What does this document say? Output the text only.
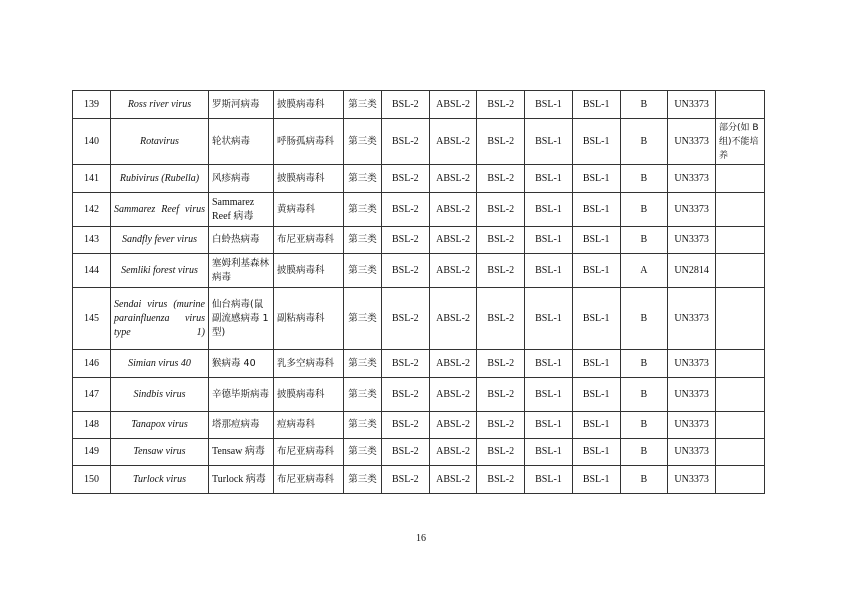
139	Ross river virus	罗斯河病毒	披膜病毒科	第三类	BSL-2	ABSL-2	BSL-2	BSL-1	BSL-1	B	UN3373	
140	Rotavirus	轮状病毒	呼肠孤病毒科	第三类	BSL-2	ABSL-2	BSL-2	BSL-1	BSL-1	B	UN3373	部分(如 B 组)不能培养
141	Rubivirus (Rubella)	风疹病毒	披膜病毒科	第三类	BSL-2	ABSL-2	BSL-2	BSL-1	BSL-1	B	UN3373	
142	Sammarez Reef virus	Sammarez Reef 病毒	黄病毒科	第三类	BSL-2	ABSL-2	BSL-2	BSL-1	BSL-1	B	UN3373	
143	Sandfly fever virus	白蛉热病毒	布尼亚病毒科	第三类	BSL-2	ABSL-2	BSL-2	BSL-1	BSL-1	B	UN3373	
144	Semliki forest virus	塞姆利基森林病毒	披膜病毒科	第三类	BSL-2	ABSL-2	BSL-2	BSL-1	BSL-1	A	UN2814	
145	Sendai virus (murine parainfluenza virus type 1)	仙台病毒(鼠副流感病毒 1 型)	副粘病毒科	第三类	BSL-2	ABSL-2	BSL-2	BSL-1	BSL-1	B	UN3373	
146	Simian virus 40	猴病毒 40	乳多空病毒科	第三类	BSL-2	ABSL-2	BSL-2	BSL-1	BSL-1	B	UN3373	
147	Sindbis virus	辛德毕斯病毒	披膜病毒科	第三类	BSL-2	ABSL-2	BSL-2	BSL-1	BSL-1	B	UN3373	
148	Tanapox virus	塔那痘病毒	痘病毒科	第三类	BSL-2	ABSL-2	BSL-2	BSL-1	BSL-1	B	UN3373	
149	Tensaw virus	Tensaw 病毒	布尼亚病毒科	第三类	BSL-2	ABSL-2	BSL-2	BSL-1	BSL-1	B	UN3373	
150	Turlock virus	Turlock 病毒	布尼亚病毒科	第三类	BSL-2	ABSL-2	BSL-2	BSL-1	BSL-1	B	UN3373	
16
